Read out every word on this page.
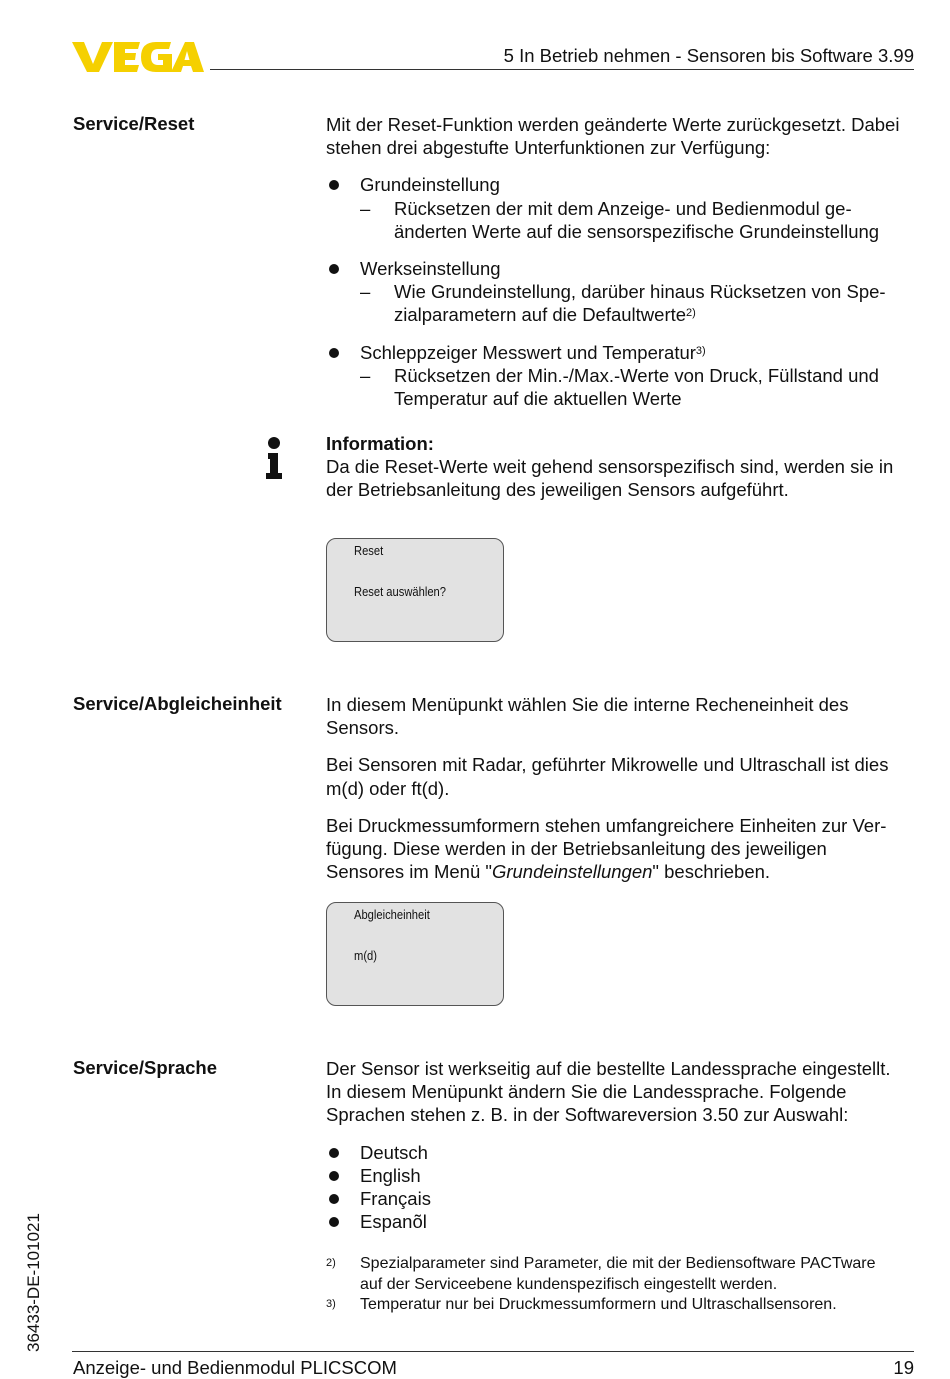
5 In Betrieb nehmen - Sensoren bis Software 3.99
Service/Reset	Mit der Reset-Funktion werden geänderte Werte zurückgesetzt. Dabei

stehen drei abgestufte Unterfunktionen zur Verfügung:

Grundeinstellung
– Rücksetzen der mit dem Anzeige- und Bedienmodul ge-
änderten Werte auf die sensorspezifische Grundeinstellung
Werkseinstellung
– Wie Grundeinstellung, darüber hinaus Rücksetzen von Spe-
zialparametern auf die Defaultwerte$^{2)}$
Schleppzeiger Messwert und Temperatur$^{3)}$
– Rücksetzen der Min.-/Max.-Werte von Druck, Füllstand und
Temperatur auf die aktuellen Werte

Information:

Da die Reset-Werte weit gehend sensorspezifisch sind, werden sie in

der Betriebsanleitung des jeweiligen Sensors aufgeführt.

Reset
Reset auswählen?
Service/Abgleicheinheit In diesem Menüpunkt wählen Sie die interne Recheneinheit des

Sensors.

Bei Sensoren mit Radar, geführter Mikrowelle und Ultraschall ist dies

m(d) oder ft(d).

Bei Druckmessumformern stehen umfangreichere Einheiten zur Ver-

fügung. Diese werden in der Betriebsanleitung des jeweiligen

Sensores im Menü "Grundeinstellungen" beschrieben.

Abgleicheinheit
m(d)
Service/Sprache	Der Sensor ist werkseitig auf die bestellte Landessprache eingestellt.

In diesem Menüpunkt ändern Sie die Landessprache. Folgende

Sprachen stehen z. B. in der Softwareversion 3.50 zur Auswahl:

Deutsch
English
Français
Espanõl
2) Spezialparameter sind Parameter, die mit der Bediensoftware PACTware
auf der Serviceebene kundenspezifisch eingestellt werden.
3) Temperatur nur bei Druckmessumformern und Ultraschallsensoren.
36433-DE-101021
Anzeige- und Bedienmodul PLICSCOM	19
